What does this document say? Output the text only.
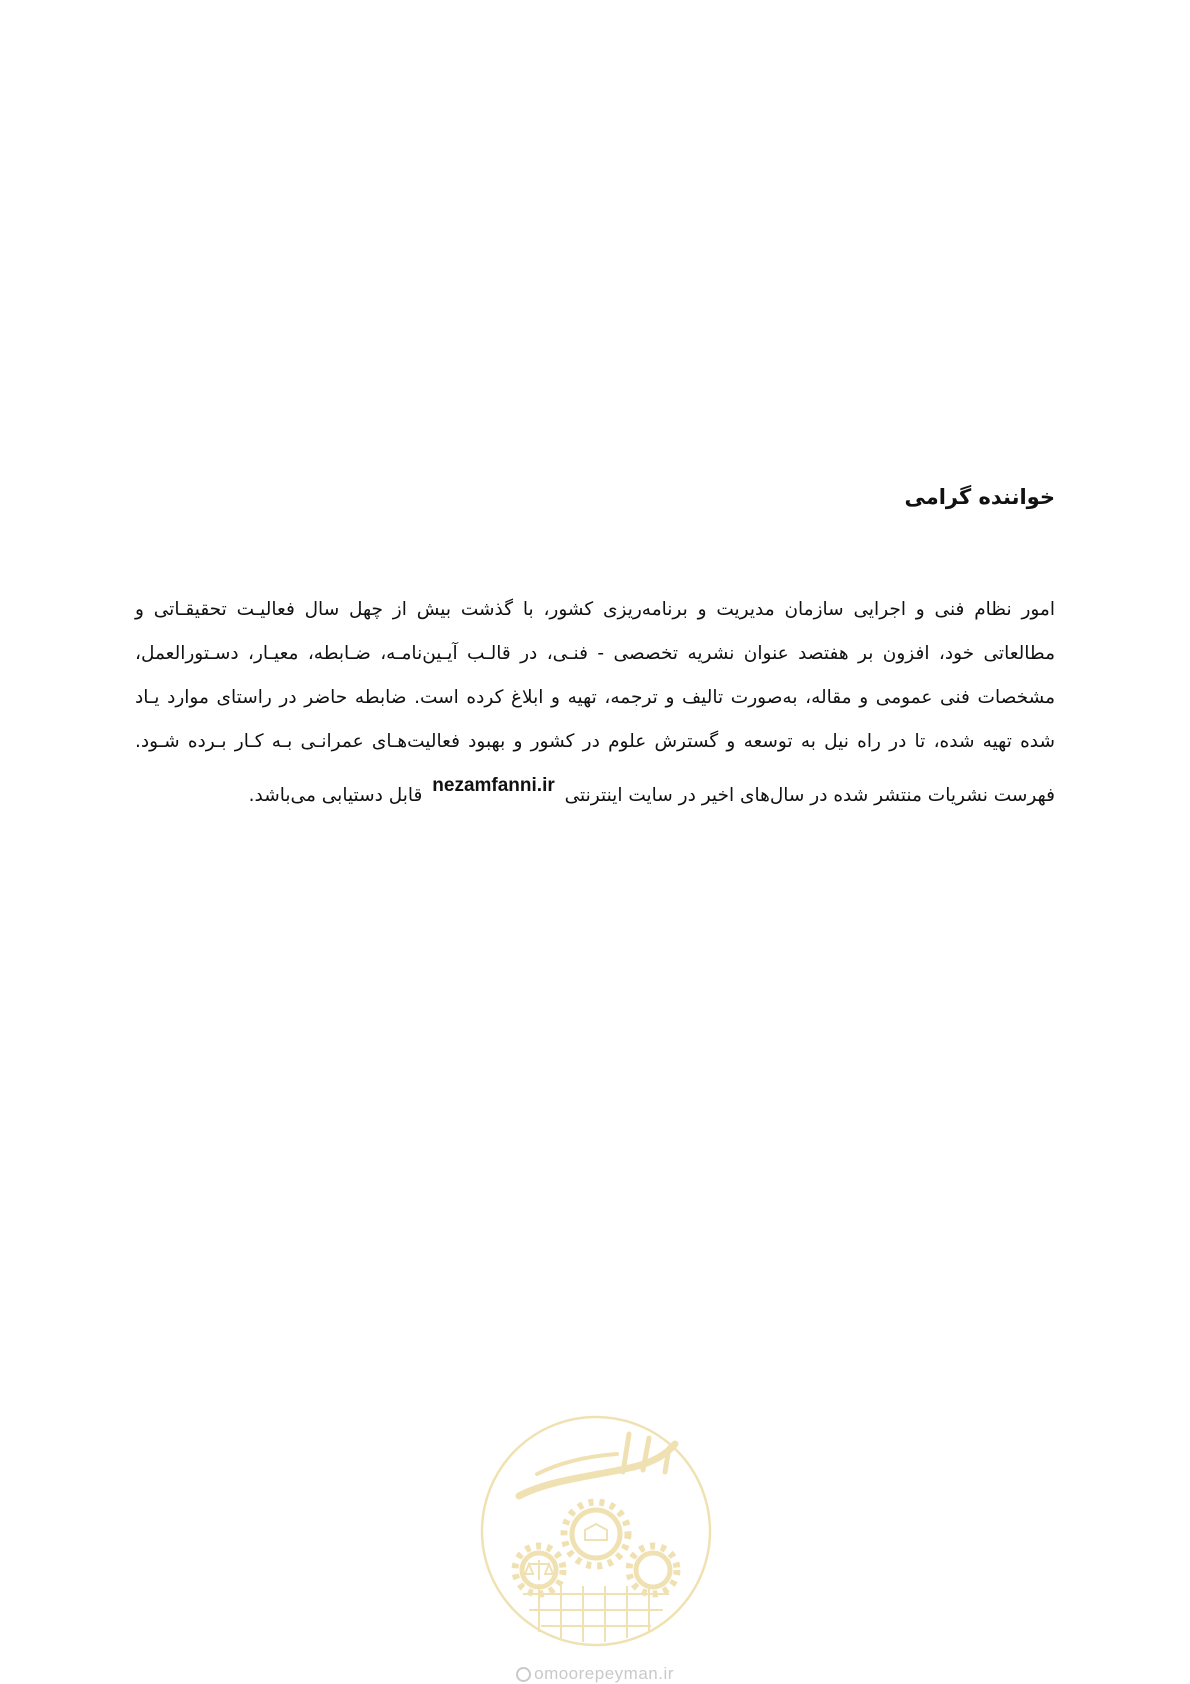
خواننده گرامی

امور نظام فنی و اجرایی سازمان مدیریت و برنامه‌ریزی کشور، با گذشت بیش از چهل سال فعالیـت تحقیقـاتی و مطالعاتی خود، افزون بر هفتصد عنوان نشریه تخصصی - فنـی، در قالـب آیـین‌نامـه، ضـابطه، معیـار، دسـتورالعمل، مشخصات فنی عمومی و مقاله، به‌صورت تالیف و ترجمه، تهیه و ابلاغ کرده است. ضابطه حاضر در راستای موارد یـاد شده تهیه شده، تا در راه نیل به توسعه و گسترش علوم در کشور و بهبود فعالیت‌هـای عمرانـی بـه کـار بـرده شـود. فهرست نشریات منتشر شده در سال‌های اخیر در سایت اینترنتی nezamfanni.ir قابل دستیابی می‌باشد.

امورپیمان
omoorepeyman.ir
